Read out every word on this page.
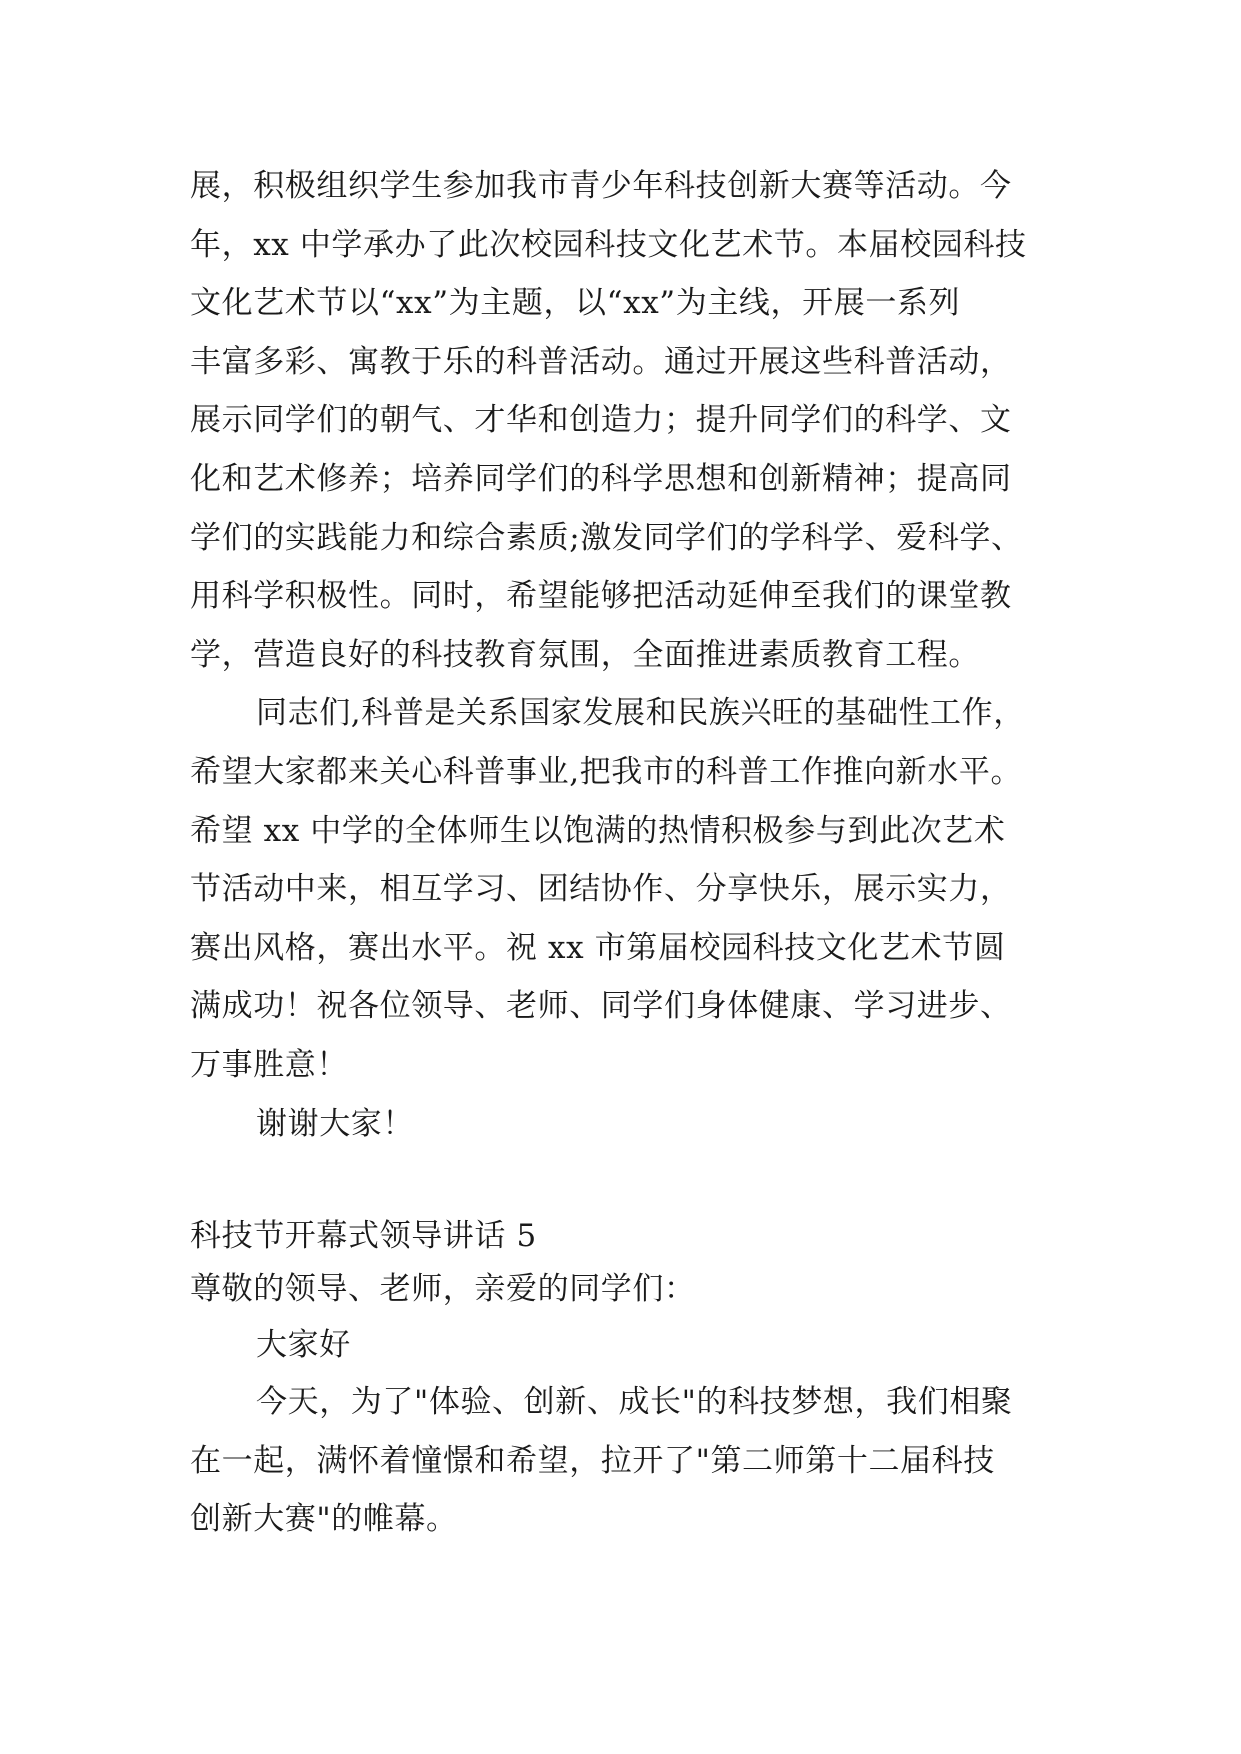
展，积极组织学生参加我市青少年科技创新大赛等活动。今
年，xx 中学承办了此次校园科技文化艺术节。本届校园科技
文化艺术节以“xx”为主题，以“xx”为主线，开展一系列
丰富多彩、寓教于乐的科普活动。通过开展这些科普活动，
展示同学们的朝气、才华和创造力；提升同学们的科学、文
化和艺术修养；培养同学们的科学思想和创新精神；提高同
学们的实践能力和综合素质;激发同学们的学科学、爱科学、
用科学积极性。同时，希望能够把活动延伸至我们的课堂教
学，营造良好的科技教育氛围，全面推进素质教育工程。
同志们,科普是关系国家发展和民族兴旺的基础性工作，
希望大家都来关心科普事业,把我市的科普工作推向新水平。
希望 xx 中学的全体师生以饱满的热情积极参与到此次艺术
节活动中来，相互学习、团结协作、分享快乐，展示实力，
赛出风格，赛出水平。祝 xx 市第届校园科技文化艺术节圆
满成功！祝各位领导、老师、同学们身体健康、学习进步、
万事胜意！
谢谢大家！
科技节开幕式领导讲话 5
尊敬的领导、老师，亲爱的同学们：
大家好
今天，为了"体验、创新、成长"的科技梦想，我们相聚
在一起，满怀着憧憬和希望，拉开了"第二师第十二届科技
创新大赛"的帷幕。
